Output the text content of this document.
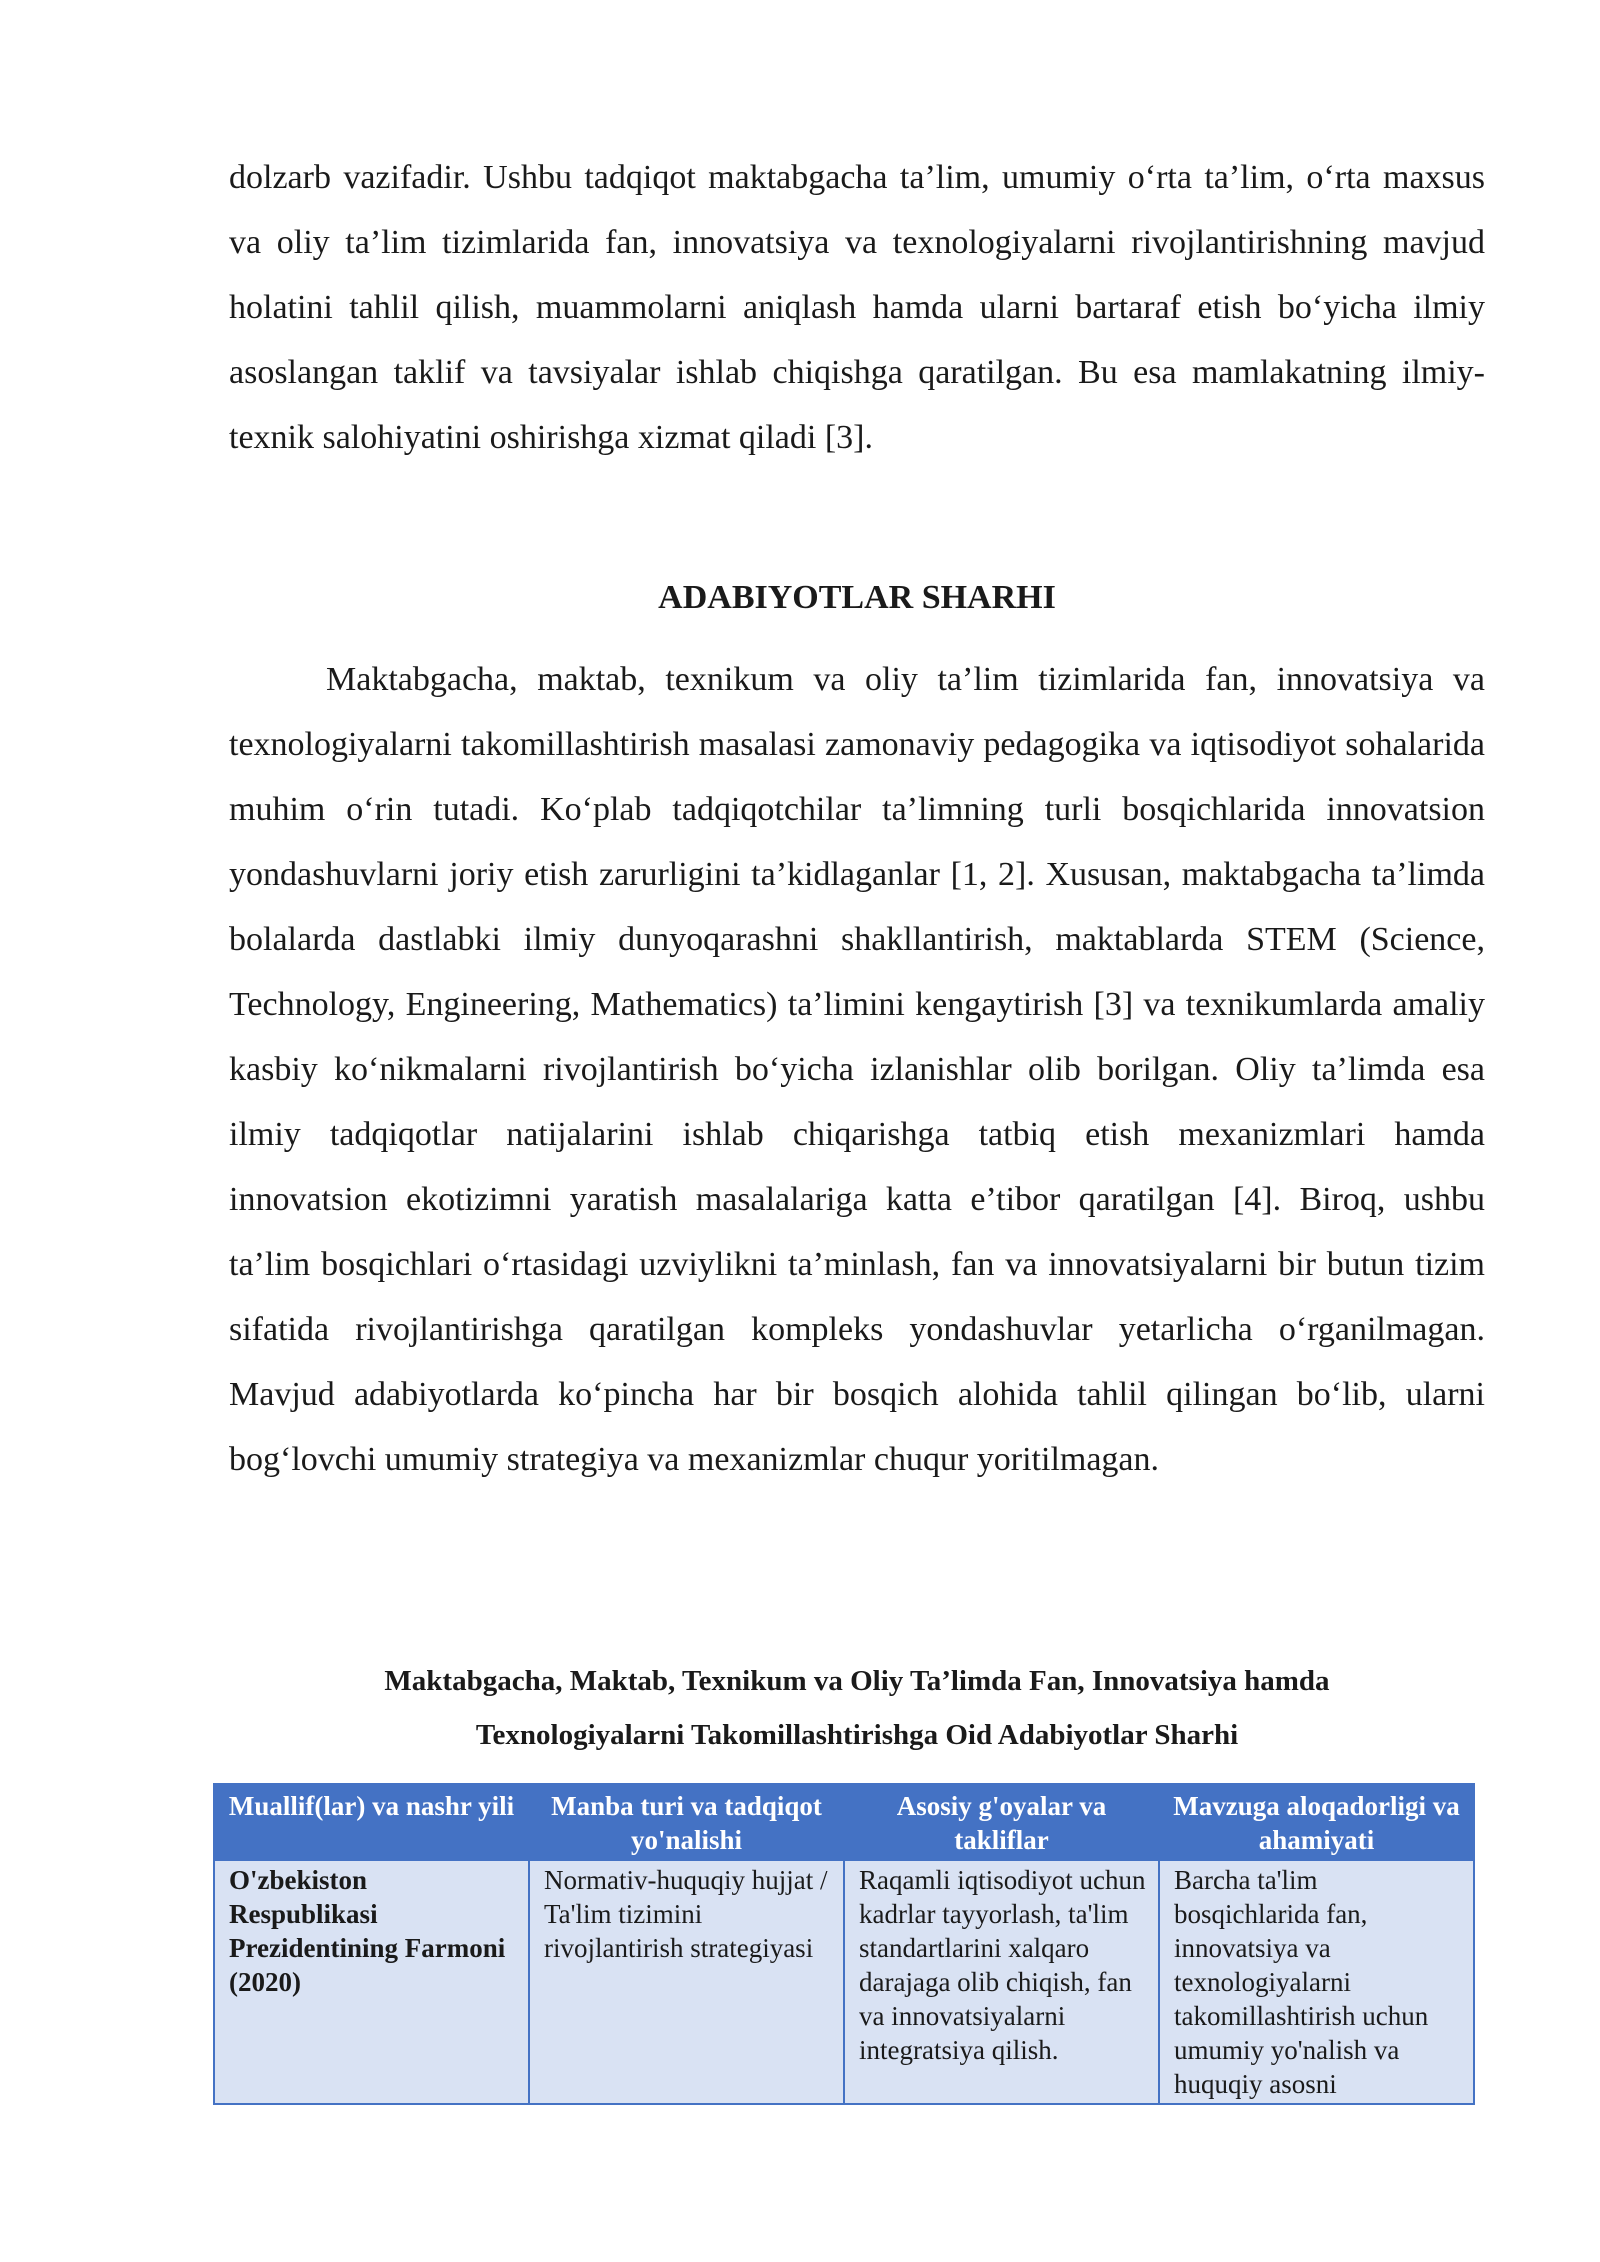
dolzarb vazifadir. Ushbu tadqiqot maktabgacha ta’lim, umumiy o‘rta ta’lim, o‘rta maxsus va oliy ta’lim tizimlarida fan, innovatsiya va texnologiyalarni rivojlantirishning mavjud holatini tahlil qilish, muammolarni aniqlash hamda ularni bartaraf etish bo‘yicha ilmiy asoslangan taklif va tavsiyalar ishlab chiqishga qaratilgan. Bu esa mamlakatning ilmiy-texnik salohiyatini oshirishga xizmat qiladi [3].

ADABIYOTLAR SHARHI

Maktabgacha, maktab, texnikum va oliy ta’lim tizimlarida fan, innovatsiya va texnologiyalarni takomillashtirish masalasi zamonaviy pedagogika va iqtisodiyot sohalarida muhim o‘rin tutadi. Ko‘plab tadqiqotchilar ta’limning turli bosqichlarida innovatsion yondashuvlarni joriy etish zarurligini ta’kidlaganlar [1, 2]. Xususan, maktabgacha ta’limda bolalarda dastlabki ilmiy dunyoqarashni shakllantirish, maktablarda STEM (Science, Technology, Engineering, Mathematics) ta’limini kengaytirish [3] va texnikumlarda amaliy kasbiy ko‘nikmalarni rivojlantirish bo‘yicha izlanishlar olib borilgan. Oliy ta’limda esa ilmiy tadqiqotlar natijalarini ishlab chiqarishga tatbiq etish mexanizmlari hamda innovatsion ekotizimni yaratish masalalariga katta e’tibor qaratilgan [4]. Biroq, ushbu ta’lim bosqichlari o‘rtasidagi uzviylikni ta’minlash, fan va innovatsiyalarni bir butun tizim sifatida rivojlantirishga qaratilgan kompleks yondashuvlar yetarlicha o‘rganilmagan. Mavjud adabiyotlarda ko‘pincha har bir bosqich alohida tahlil qilingan bo‘lib, ularni bog‘lovchi umumiy strategiya va mexanizmlar chuqur yoritilmagan.

Maktabgacha, Maktab, Texnikum va Oliy Ta’limda Fan, Innovatsiya hamda

Texnologiyalarni Takomillashtirishga Oid Adabiyotlar Sharhi

Muallif(lar) va nashr yili	Manba turi va tadqiqot yo'nalishi	Asosiy g'oyalar va takliflar	Mavzuga aloqadorligi va ahamiyati
O'zbekiston Respublikasi Prezidentining Farmoni (2020)	Normativ-huquqiy hujjat / Ta'lim tizimini rivojlantirish strategiyasi	Raqamli iqtisodiyot uchun kadrlar tayyorlash, ta'lim standartlarini xalqaro darajaga olib chiqish, fan va innovatsiyalarni integratsiya qilish.	Barcha ta'lim bosqichlarida fan, innovatsiya va texnologiyalarni takomillashtirish uchun umumiy yo'nalish va huquqiy asosni
